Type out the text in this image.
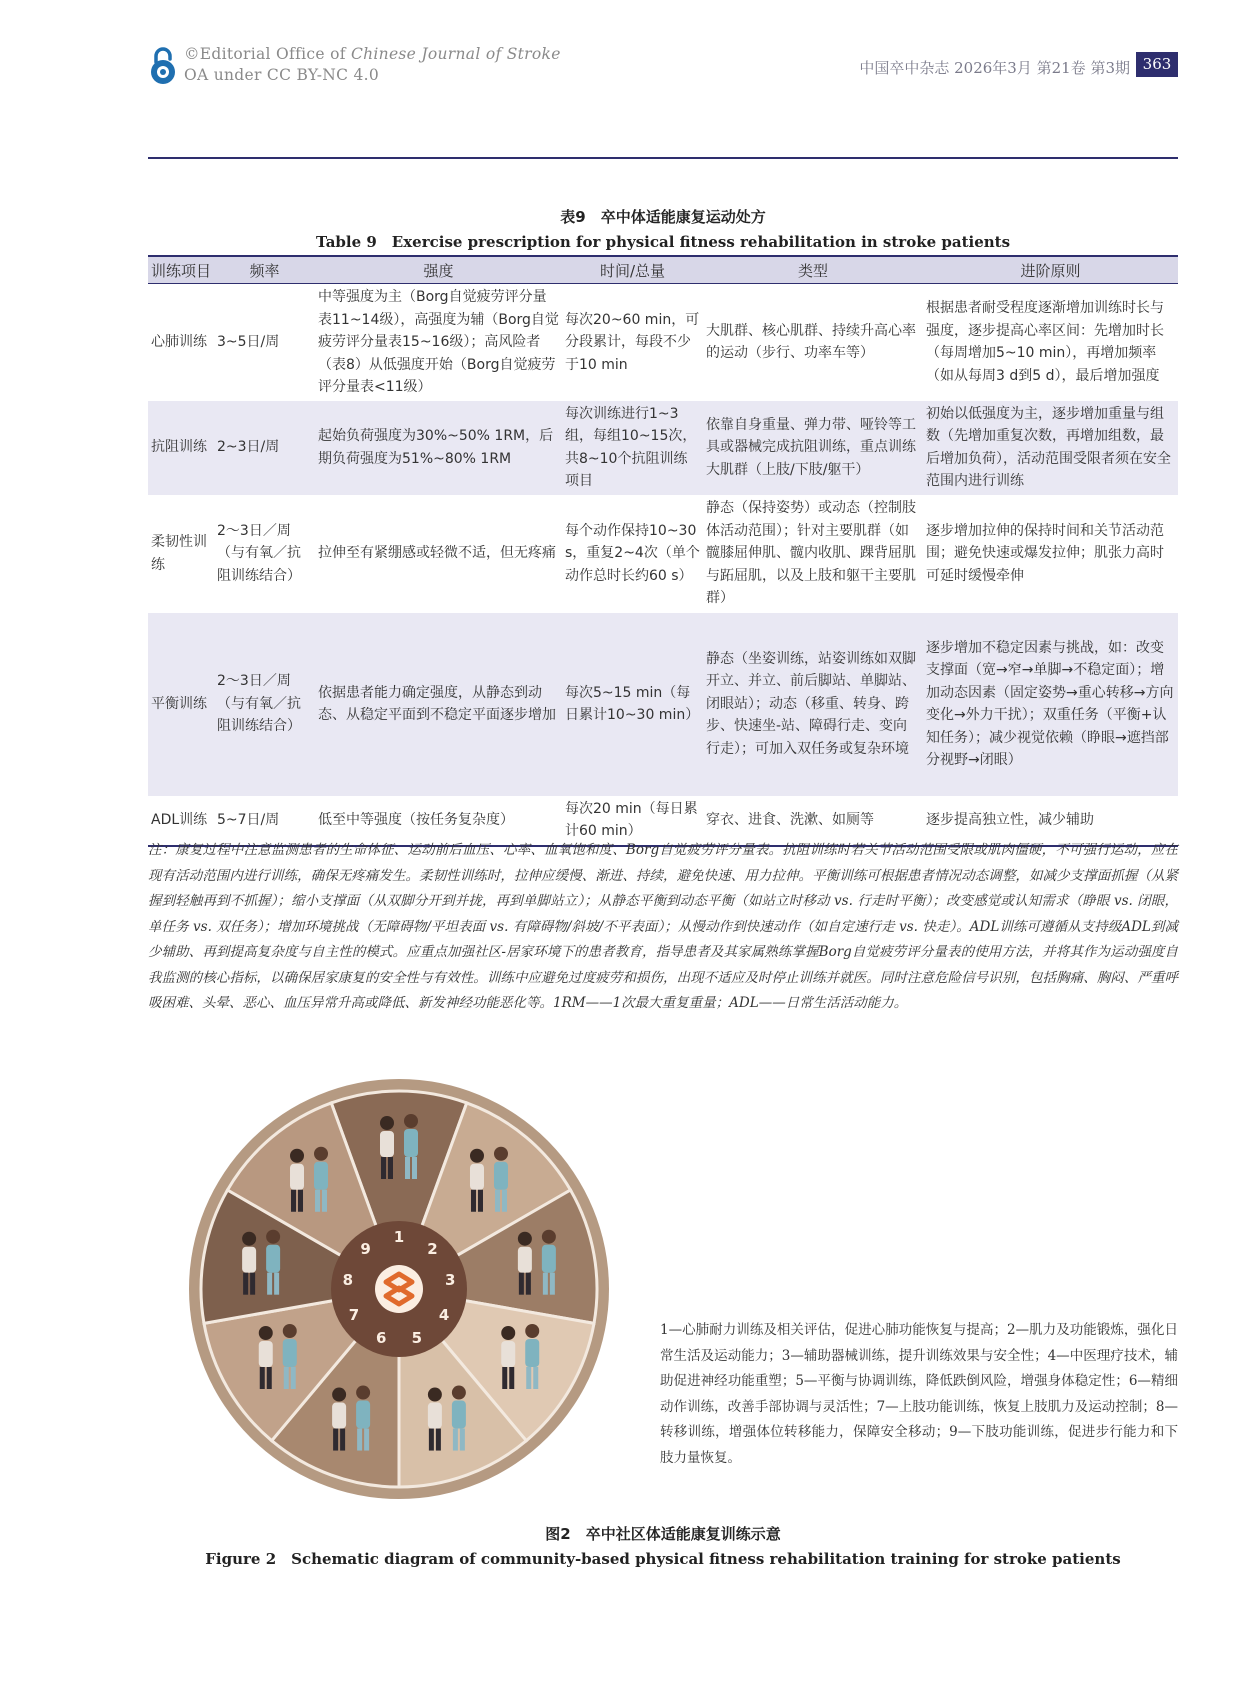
©Editorial Office of Chinese Journal of Stroke
OA under CC BY-NC 4.0	中国卒中杂志 2026年3月 第21卷 第3期 363
表9　卒中体适能康复运动处方
Table 9　Exercise prescription for physical fitness rehabilitation in stroke patients
训练项目	频率	强度	时间/总量	类型	进阶原则
心肺训练	3~5日/周	中等强度为主（Borg自觉疲劳评分量表11~14级），高强度为辅（Borg自觉疲劳评分量表15~16级）；高风险者（表8）从低强度开始（Borg自觉疲劳评分量表<11级）	每次20~60 min，可分段累计，每段不少于10 min	大肌群、核心肌群、持续升高心率的运动（步行、功率车等）	根据患者耐受程度逐渐增加训练时长与强度，逐步提高心率区间：先增加时长（每周增加5~10 min），再增加频率（如从每周3 d到5 d），最后增加强度
抗阻训练	2~3日/周	起始负荷强度为30%~50% 1RM，后期负荷强度为51%~80% 1RM	每次训练进行1~3组，每组10~15次，共8~10个抗阻训练项目	依靠自身重量、弹力带、哑铃等工具或器械完成抗阻训练，重点训练大肌群（上肢/下肢/躯干）	初始以低强度为主，逐步增加重量与组数（先增加重复次数，再增加组数，最后增加负荷），活动范围受限者须在安全范围内进行训练
柔韧性训练	2～3日／周（与有氧／抗阻训练结合）	拉伸至有紧绷感或轻微不适，但无疼痛	每个动作保持10~30 s，重复2~4次（单个动作总时长约60 s）	静态（保持姿势）或动态（控制肢体活动范围）；针对主要肌群（如髋膝屈伸肌、髋内收肌、踝背屈肌与跖屈肌，以及上肢和躯干主要肌群）	逐步增加拉伸的保持时间和关节活动范围；避免快速或爆发拉伸；肌张力高时可延时缓慢牵伸
平衡训练	2～3日／周（与有氧／抗阻训练结合）	依据患者能力确定强度，从静态到动态、从稳定平面到不稳定平面逐步增加	每次5~15 min（每日累计10~30 min）	静态（坐姿训练，站姿训练如双脚开立、并立、前后脚站、单脚站、闭眼站）；动态（移重、转身、跨步、快速坐-站、障碍行走、变向行走）；可加入双任务或复杂环境	逐步增加不稳定因素与挑战，如：改变支撑面（宽→窄→单脚→不稳定面）；增加动态因素（固定姿势→重心转移→方向变化→外力干扰）；双重任务（平衡+认知任务）；减少视觉依赖（睁眼→遮挡部分视野→闭眼）
ADL训练	5~7日/周	低至中等强度（按任务复杂度）	每次20 min（每日累计60 min）	穿衣、进食、洗漱、如厕等	逐步提高独立性，减少辅助
注：康复过程中注意监测患者的生命体征、运动前后血压、心率、血氧饱和度、Borg自觉疲劳评分量表。抗阻训练时若关节活动范围受限或肌肉僵硬，不可强行运动，应在现有活动范围内进行训练，确保无疼痛发生。柔韧性训练时，拉伸应缓慢、渐进、持续，避免快速、用力拉伸。平衡训练可根据患者情况动态调整，如减少支撑面抓握（从紧握到轻触再到不抓握）；缩小支撑面（从双脚分开到并拢，再到单脚站立）；从静态平衡到动态平衡（如站立时移动 vs. 行走时平衡）；改变感觉或认知需求（睁眼 vs. 闭眼，单任务 vs. 双任务）；增加环境挑战（无障碍物/平坦表面 vs. 有障碍物/斜坡/不平表面）；从慢动作到快速动作（如自定速行走 vs. 快走）。ADL训练可遵循从支持级ADL到减少辅助、再到提高复杂度与自主性的模式。应重点加强社区-居家环境下的患者教育，指导患者及其家属熟练掌握Borg自觉疲劳评分量表的使用方法，并将其作为运动强度自我监测的核心指标，以确保居家康复的安全性与有效性。训练中应避免过度疲劳和损伤，出现不适应及时停止训练并就医。同时注意危险信号识别，包括胸痛、胸闷、严重呼吸困难、头晕、恶心、血压异常升高或降低、新发神经功能恶化等。1RM——1次最大重复重量；ADL——日常生活活动能力。
1
2
3
4
5
6
7
8
9
1—心肺耐力训练及相关评估，促进心肺功能恢复与提高；2—肌力及功能锻炼，强化日常生活及运动能力；3—辅助器械训练，提升训练效果与安全性；4—中医理疗技术，辅助促进神经功能重塑；5—平衡与协调训练，降低跌倒风险，增强身体稳定性；6—精细动作训练，改善手部协调与灵活性；7—上肢功能训练，恢复上肢肌力及运动控制；8—转移训练，增强体位转移能力，保障安全移动；9—下肢功能训练，促进步行能力和下肢力量恢复。
图2　卒中社区体适能康复训练示意
Figure 2　Schematic diagram of community-based physical fitness rehabilitation training for stroke patients
